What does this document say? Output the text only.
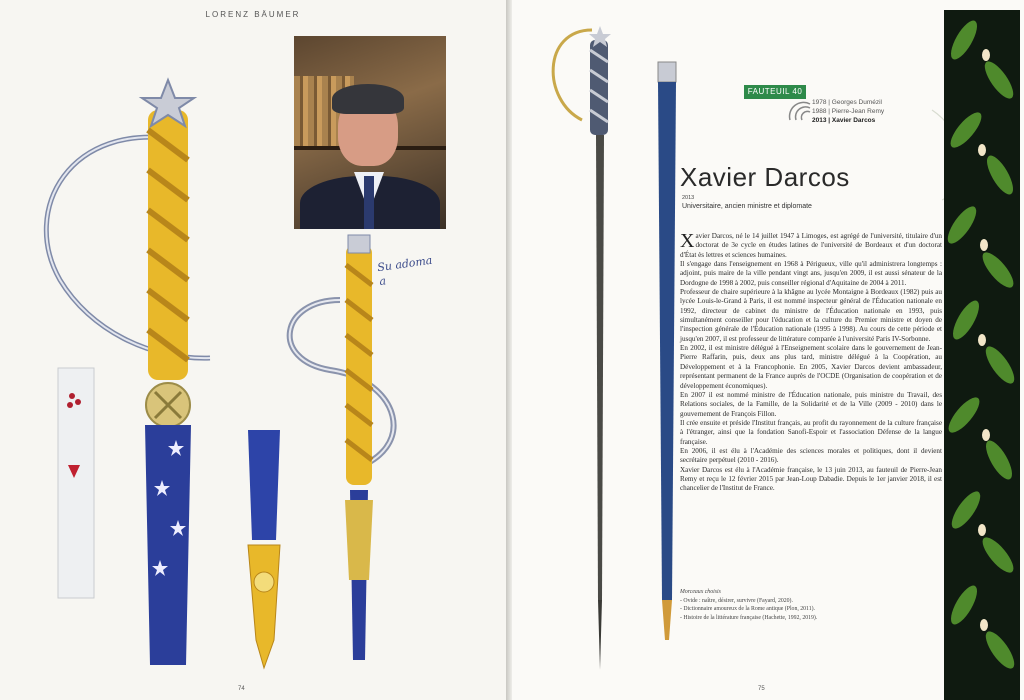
LORENZ BÄUMER
Su adoma
a
74	75
FAUTEUIL 40
1978 | Georges Dumézil
1988 | Pierre-Jean Remy
2013 | Xavier Darcos
Xavier Darcos
2013
Universitaire, ancien ministre et diplomate

Xavier Darcos, né le 14 juillet 1947 à Limoges, est agrégé de l'université, titulaire d'un doctorat de 3e cycle en études latines de l'université de Bordeaux et d'un doctorat d'État ès lettres et sciences humaines.

Il s'engage dans l'enseignement en 1968 à Périgueux, ville qu'il administrera longtemps : adjoint, puis maire de la ville pendant vingt ans, jusqu'en 2009, il est aussi sénateur de la Dordogne de 1998 à 2002, puis conseiller régional d'Aquitaine de 2004 à 2011.

Professeur de chaire supérieure à la khâgne au lycée Montaigne à Bordeaux (1982) puis au lycée Louis-le-Grand à Paris, il est nommé inspecteur général de l'Éducation nationale en 1992, directeur de cabinet du ministre de l'Éducation nationale en 1993, puis simultanément conseiller pour l'éducation et la culture du Premier ministre et doyen de l'inspection générale de l'Éducation nationale (1995 à 1998). Au cours de cette période et jusqu'en 2007, il est professeur de littérature comparée à l'université Paris IV-Sorbonne.

En 2002, il est ministre délégué à l'Enseignement scolaire dans le gouvernement de Jean-Pierre Raffarin, puis, deux ans plus tard, ministre délégué à la Coopération, au Développement et à la Francophonie. En 2005, Xavier Darcos devient ambassadeur, représentant permanent de la France auprès de l'OCDE (Organisation de coopération et de développement économiques).

En 2007 il est nommé ministre de l'Éducation nationale, puis ministre du Travail, des Relations sociales, de la Famille, de la Solidarité et de la Ville (2009 - 2010) dans le gouvernement de François Fillon.

Il crée ensuite et préside l'Institut français, au profit du rayonnement de la culture française à l'étranger, ainsi que la fondation Sanofi-Espoir et l'association Défense de la langue française.

En 2006, il est élu à l'Académie des sciences morales et politiques, dont il devient secrétaire perpétuel (2010 - 2016).

Xavier Darcos est élu à l'Académie française, le 13 juin 2013, au fauteuil de Pierre-Jean Remy et reçu le 12 février 2015 par Jean-Loup Dabadie. Depuis le 1er janvier 2018, il est chancelier de l'Institut de France.

Morceaux choisis
- Ovide : naître, désirer, survivre (Fayard, 2020).
- Dictionnaire amoureux de la Rome antique (Plon, 2011).
- Histoire de la littérature française (Hachette, 1992, 2019).
